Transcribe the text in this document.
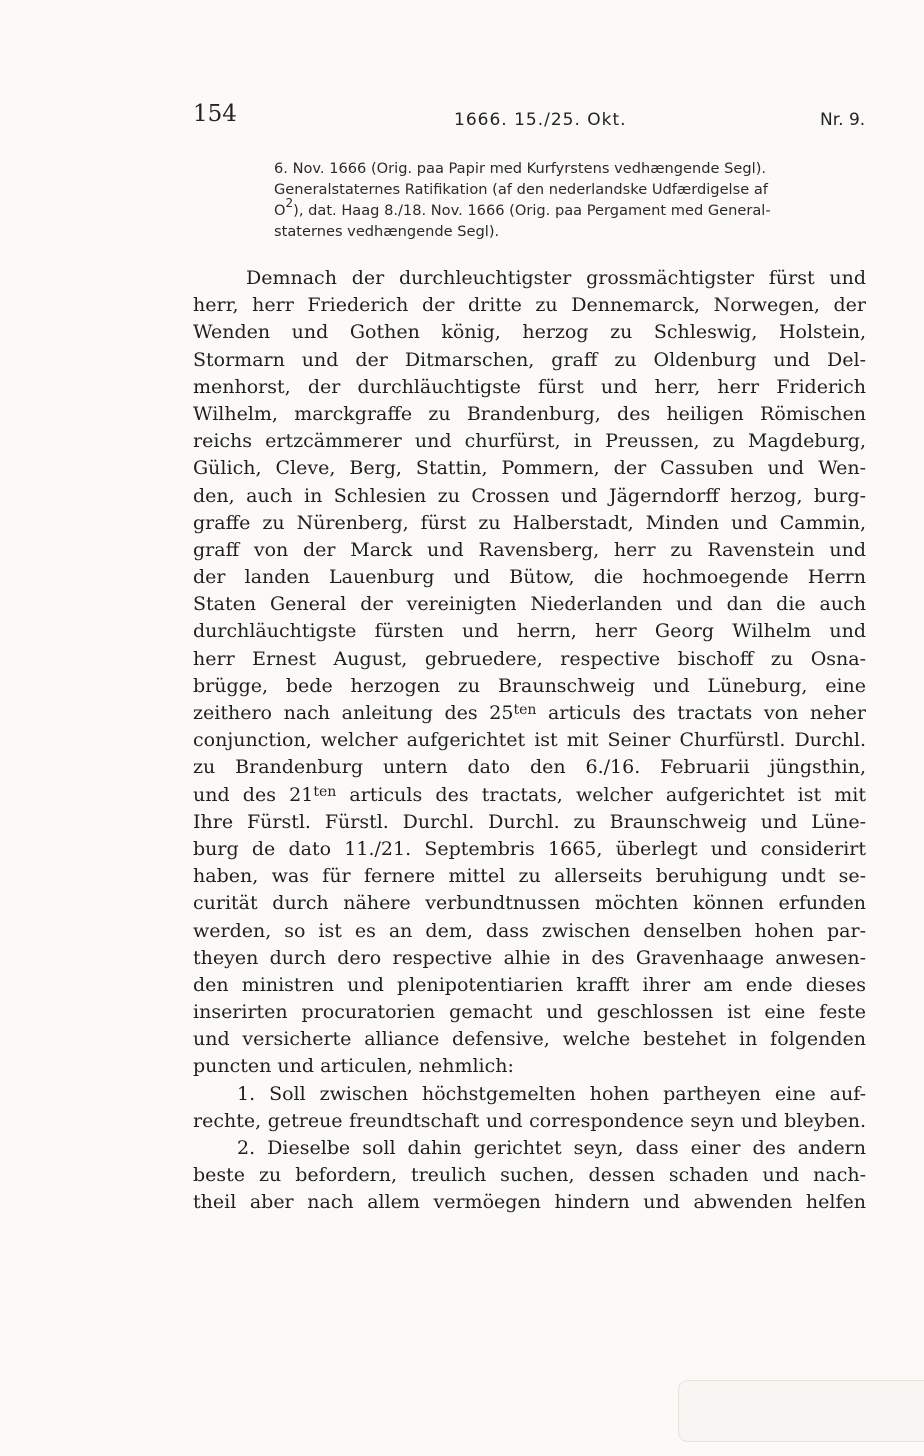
154	1666. 15./25. Okt.	Nr. 9.
6. Nov. 1666 (Orig. paa Papir med Kurfyrstens vedhængende Segl).
Generalstaternes Ratifikation (af den nederlandske Udfærdigelse af
$O^2$), dat. Haag 8./18. Nov. 1666 (Orig. paa Pergament med General-
staternes vedhængende Segl).
Demnach der durchleuchtigster grossmächtigster fürst und
herr, herr Friederich der dritte zu Dennemarck, Norwegen, der
Wenden und Gothen könig, herzog zu Schleswig, Holstein,
Stormarn und der Ditmarschen, graff zu Oldenburg und Del-
menhorst, der durchläuchtigste fürst und herr, herr Friderich
Wilhelm, marckgraffe zu Brandenburg, des heiligen Römischen
reichs ertzcämmerer und churfürst, in Preussen, zu Magdeburg,
Gülich, Cleve, Berg, Stattin, Pommern, der Cassuben und Wen-
den, auch in Schlesien zu Crossen und Jägerndorff herzog, burg-
graffe zu Nürenberg, fürst zu Halberstadt, Minden und Cammin,
graff von der Marck und Ravensberg, herr zu Ravenstein und
der landen Lauenburg und Bütow, die hochmoegende Herrn
Staten General der vereinigten Niederlanden und dan die auch
durchläuchtigste fürsten und herrn, herr Georg Wilhelm und
herr Ernest August, gebruedere, respective bischoff zu Osna-
brügge, bede herzogen zu Braunschweig und Lüneburg, eine
zeithero nach anleitung des $25^{ten}$ articuls des tractats von neher
conjunction, welcher aufgerichtet ist mit Seiner Churfürstl. Durchl.
zu Brandenburg untern dato den 6./16. Februarii jüngsthin,
und des $21^{ten}$ articuls des tractats, welcher aufgerichtet ist mit
Ihre Fürstl. Fürstl. Durchl. Durchl. zu Braunschweig und Lüne-
burg de dato 11./21. Septembris 1665, überlegt und considerirt
haben, was für fernere mittel zu allerseits beruhigung undt se-
curität durch nähere verbundtnussen möchten können erfunden
werden, so ist es an dem, dass zwischen denselben hohen par-
theyen durch dero respective alhie in des Gravenhaage anwesen-
den ministren und plenipotentiarien krafft ihrer am ende dieses
inserirten procuratorien gemacht und geschlossen ist eine feste
und versicherte alliance defensive, welche bestehet in folgenden
puncten und articulen, nehmlich:
1. Soll zwischen höchstgemelten hohen partheyen eine auf-
rechte, getreue freundtschaft und correspondence seyn und bleyben.
2. Dieselbe soll dahin gerichtet seyn, dass einer des andern
beste zu befordern, treulich suchen, dessen schaden und nach-
theil aber nach allem vermöegen hindern und abwenden helfen
